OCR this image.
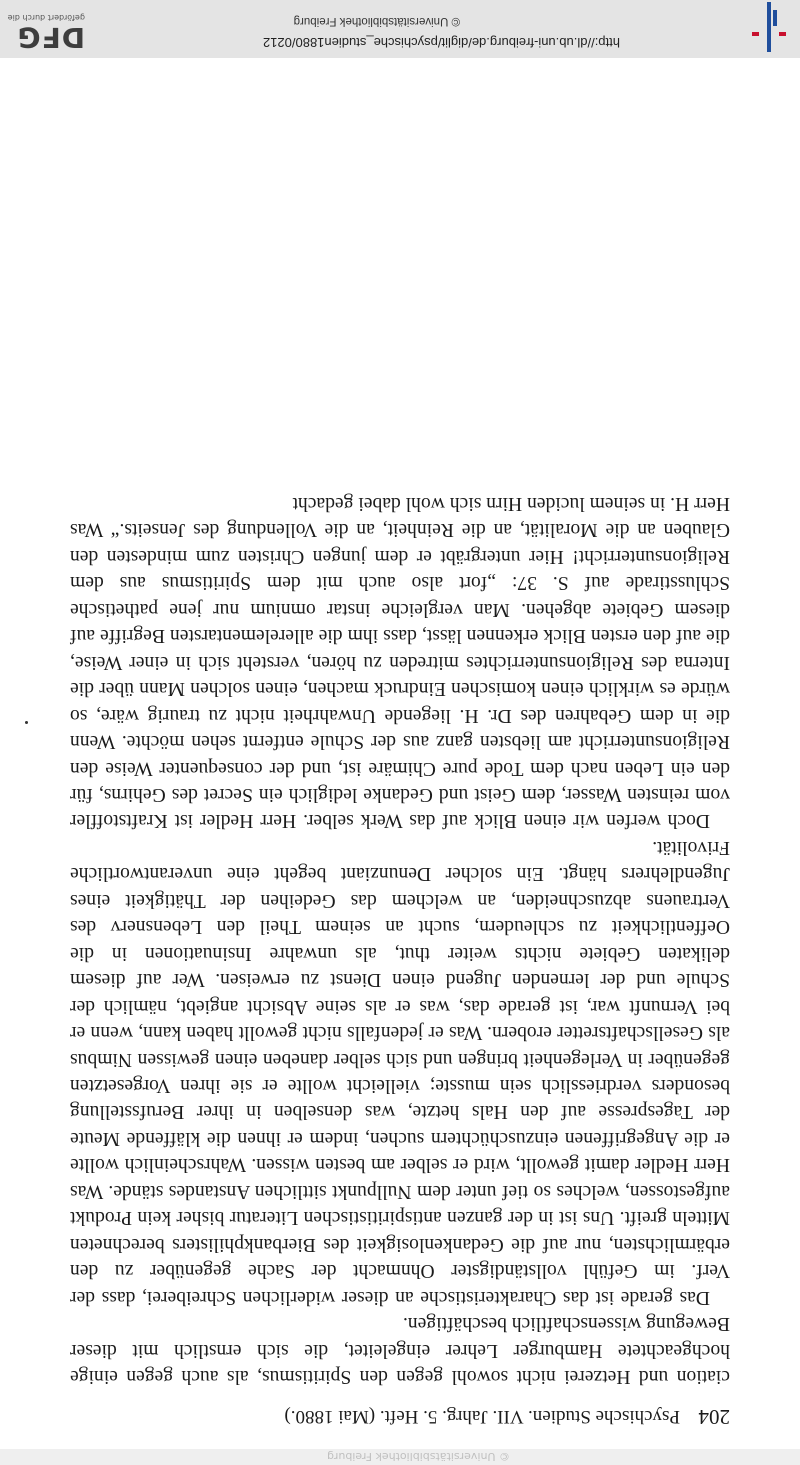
© Universitätsbibliothek Freiburg
204
Psychische Studien. VII. Jahrg. 5. Heft. (Mai 1880.)

ciation und Hetzerei nicht sowohl gegen den Spiritismus, als auch gegen einige hochgeachtete Hamburger Lehrer eingeleitet, die sich ernstlich mit dieser Bewegung wissenschaftlich beschäftigen.

Das gerade ist das Charakteristische an dieser widerlichen Schreiberei, dass der Verf. im Gefühl vollständigster Ohnmacht der Sache gegenüber zu den erbärmlichsten, nur auf die Gedankenlosigkeit des Bierbankphilisters berechneten Mitteln greift. Uns ist in der ganzen antispiritistischen Literatur bisher kein Produkt aufgestossen, welches so tief unter dem Nullpunkt sittlichen Anstandes stände. Was Herr Hedler damit gewollt, wird er selber am besten wissen. Wahrscheinlich wollte er die Angegriffenen einzuschüchtern suchen, indem er ihnen die kläffende Meute der Tagespresse auf den Hals hetzte, was denselben in ihrer Berufsstellung besonders verdriesslich sein musste; vielleicht wollte er sie ihren Vorgesetzten gegenüber in Verlegenheit bringen und sich selber daneben einen gewissen Nimbus als Gesellschaftsretter erobern. Was er jedenfalls nicht gewollt haben kann, wenn er bei Vernunft war, ist gerade das, was er als seine Absicht angiebt, nämlich der Schule und der lernenden Jugend einen Dienst zu erweisen. Wer auf diesem delikaten Gebiete nichts weiter thut, als unwahre Insinuationen in die Oeffentlichkeit zu schleudern, sucht an seinem Theil den Lebensnerv des Vertrauens abzuschneiden, an welchem das Gedeihen der Thätigkeit eines Jugendlehrers hängt. Ein solcher Denunziant begeht eine unverantwortliche Frivolität.

Doch werfen wir einen Blick auf das Werk selber. Herr Hedler ist Kraftstoffler vom reinsten Wasser, dem Geist und Gedanke lediglich ein Secret des Gehirns, für den ein Leben nach dem Tode pure Chimäre ist, und der consequenter Weise den Religionsunterricht am liebsten ganz aus der Schule entfernt sehen möchte. Wenn die in dem Gebahren des Dr. H. liegende Unwahrheit nicht zu traurig wäre, so würde es wirklich einen komischen Eindruck machen, einen solchen Mann über die Interna des Religionsunterrichtes mitreden zu hören, versteht sich in einer Weise, die auf den ersten Blick erkennen lässt, dass ihm die allerelementarsten Begriffe auf diesem Gebiete abgehen. Man vergleiche instar omnium nur jene pathetische Schlusstirade auf S. 37: „fort also auch mit dem Spiritismus aus dem Religionsunterricht! Hier untergräbt er dem jungen Christen zum mindesten den Glauben an die Moralität, an die Reinheit, an die Vollendung des Jenseits.“ Was Herr H. in seinem luciden Hirn sich wohl dabei gedacht

http://dl.ub.uni-freiburg.de/diglit/psychische_studien1880/0212
© Universitätsbibliothek Freiburg
DFG
gefördert durch die
